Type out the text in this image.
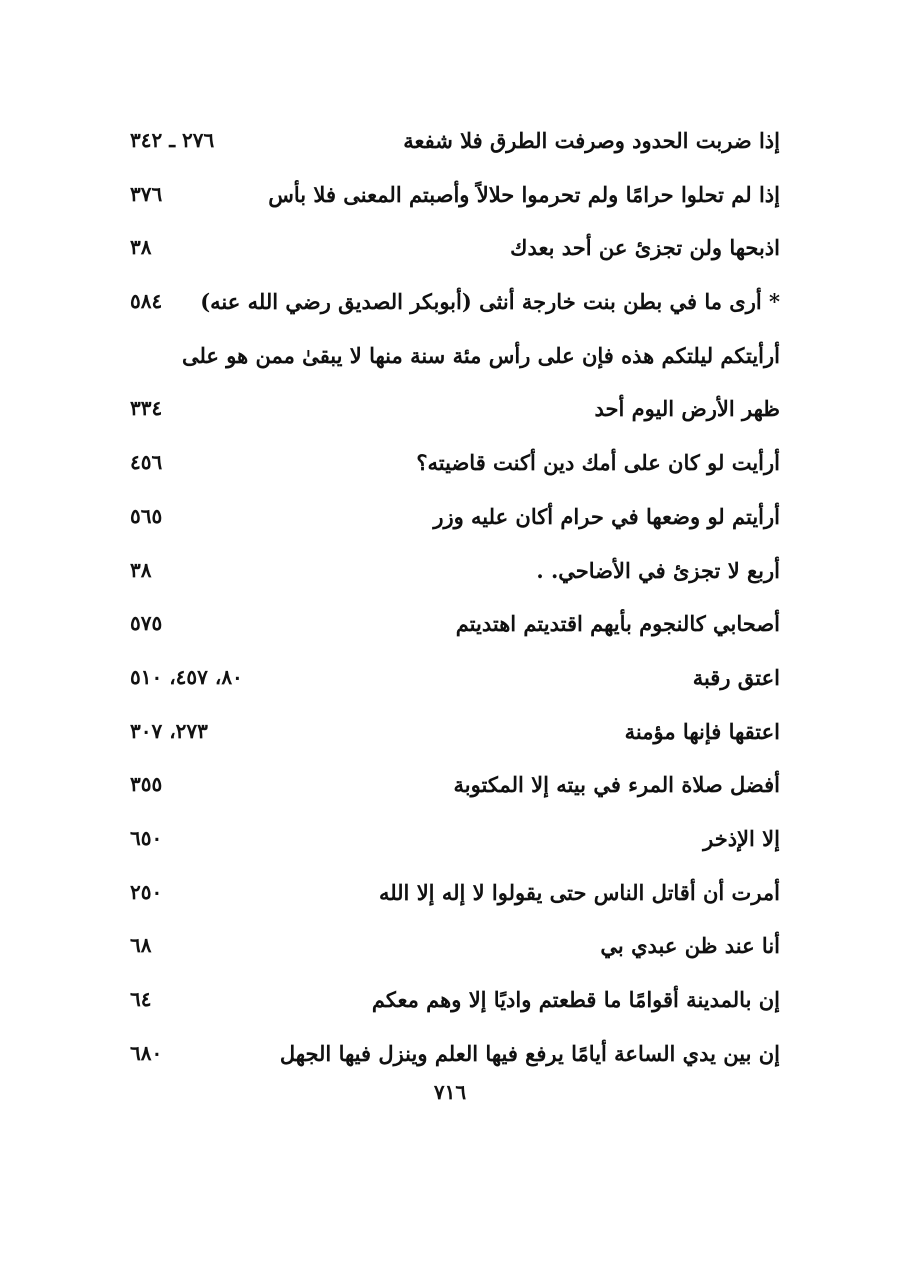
إذا ضربت الحدود وصرفت الطرق فلا شفعة
٢٧٦ ـ ٣٤٢
إذا لم تحلوا حرامًا ولم تحرموا حلالاً وأصبتم المعنى فلا بأس
٣٧٦
اذبحها ولن تجزئ عن أحد بعدك
٣٨
* أرى ما في بطن بنت خارجة أنثى (أبوبكر الصديق رضي الله عنه)
٥٨٤
أرأيتكم ليلتكم هذه فإن على رأس مئة سنة منها لا يبقىٰ ممن هو على
ظهر الأرض اليوم أحد
٣٣٤
أرأيت لو كان على أمك دين أكنت قاضيته؟
٤٥٦
أرأيتم لو وضعها في حرام أكان عليه وزر
٥٦٥
أربع لا تجزئ في الأضاحي. .
٣٨
أصحابي كالنجوم بأيهم اقتديتم اهتديتم
٥٧٥
اعتق رقبة
٨٠، ٤٥٧، ٥١٠
اعتقها فإنها مؤمنة
٢٧٣، ٣٠٧
أفضل صلاة المرء في بيته إلا المكتوبة
٣٥٥
إلا الإذخر
٦٥٠
أمرت أن أقاتل الناس حتى يقولوا لا إله إلا الله
٢٥٠
أنا عند ظن عبدي بي
٦٨
إن بالمدينة أقوامًا ما قطعتم واديًا إلا وهم معكم
٦٤
إن بين يدي الساعة أيامًا يرفع فيها العلم وينزل فيها الجهل
٦٨٠
٧١٦
